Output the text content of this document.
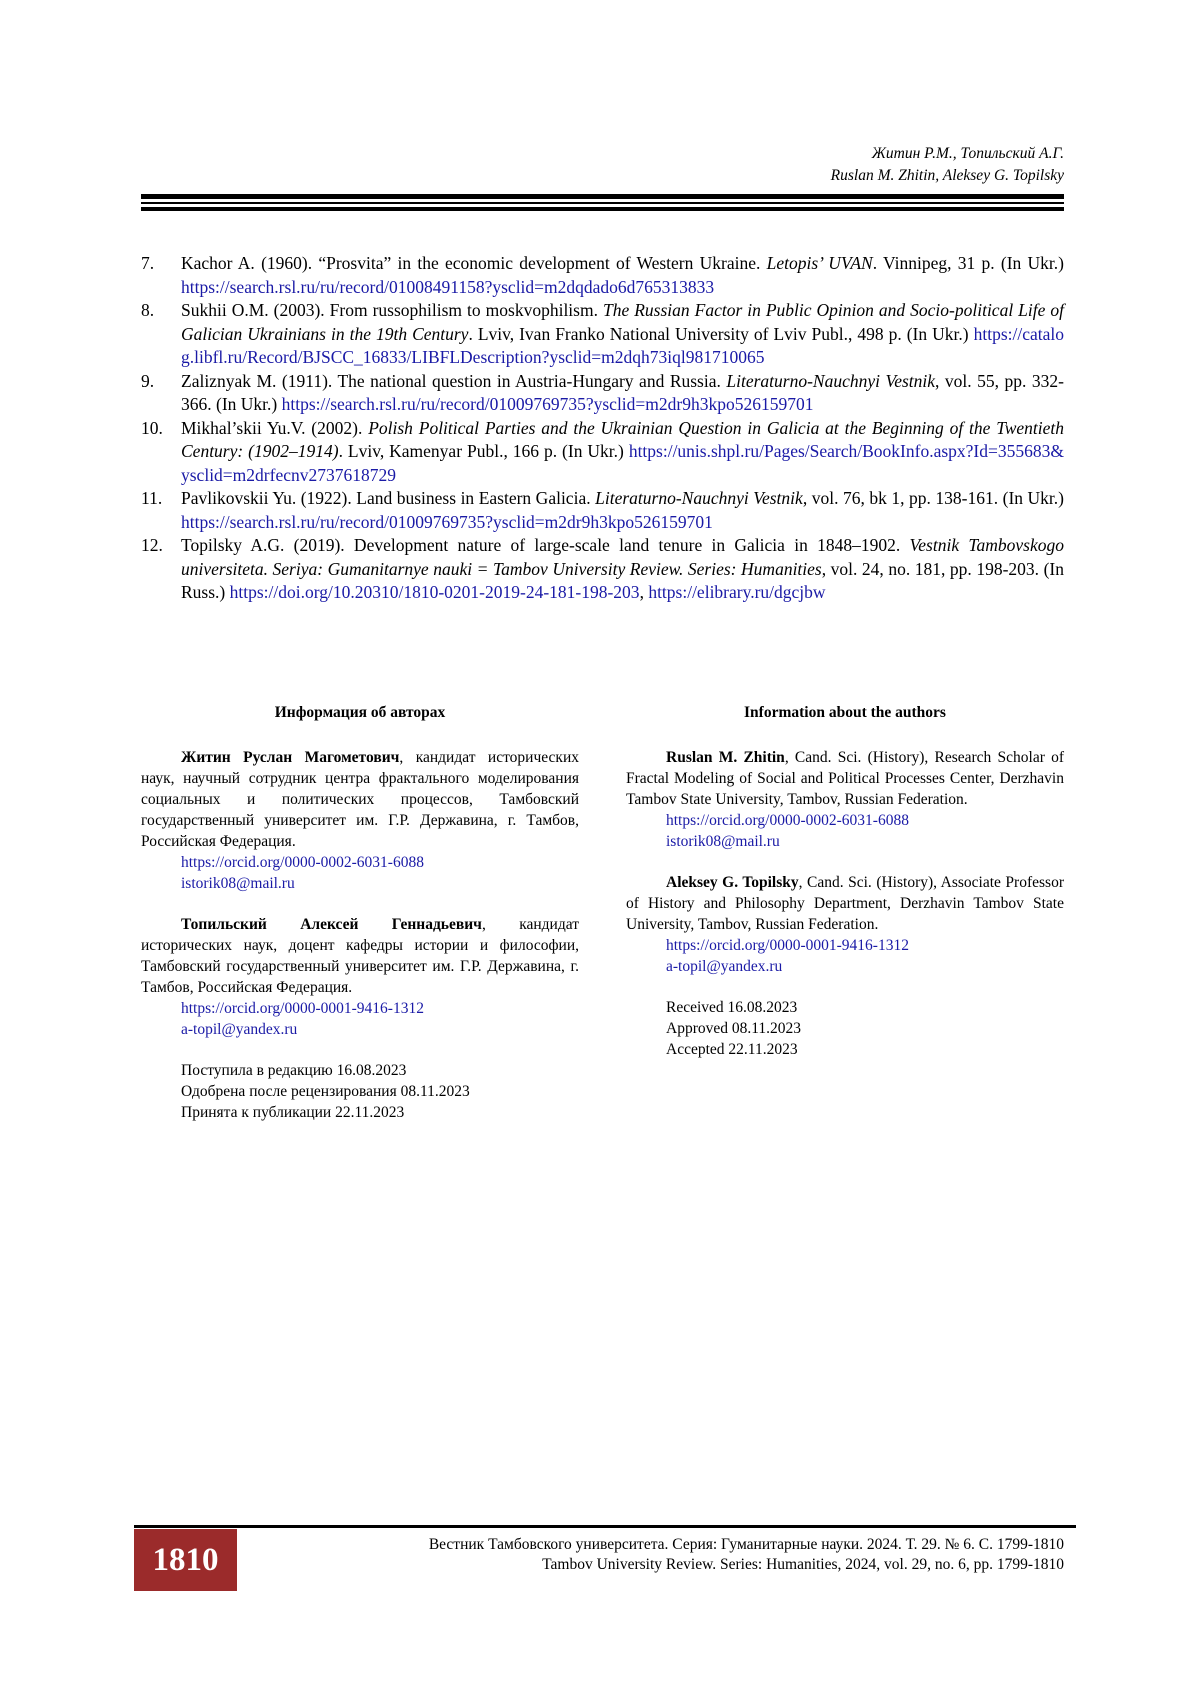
Житин Р.М., Топильский А.Г.
Ruslan M. Zhitin, Aleksey G. Topilsky
7.	Kachor A. (1960). “Prosvita” in the economic development of Western Ukraine. Letopis’ UVAN. Vinnipeg, 31 p. (In Ukr.) https://search.rsl.ru/ru/record/01008491158?ysclid=m2dqdado6d765313833
8.	Sukhii O.M. (2003). From russophilism to moskvophilism. The Russian Factor in Public Opinion and Socio-political Life of Galician Ukrainians in the 19th Century. Lviv, Ivan Franko National University of Lviv Publ., 498 p. (In Ukr.) https://catalog.libfl.ru/Record/BJSCC_16833/LIBFLDescription?ysclid=m2dqh73iql981710065
9.	Zaliznyak M. (1911). The national question in Austria-Hungary and Russia. Literaturno-Nauchnyi Vestnik, vol. 55, pp. 332-366. (In Ukr.) https://search.rsl.ru/ru/record/01009769735?ysclid=m2dr9h3kpo526159701
10.	Mikhal’skii Yu.V. (2002). Polish Political Parties and the Ukrainian Question in Galicia at the Beginning of the Twentieth Century: (1902–1914). Lviv, Kamenyar Publ., 166 p. (In Ukr.) https://unis.shpl.ru/Pages/Search/BookInfo.aspx?Id=355683&ysclid=m2drfecnv2737618729
11.	Pavlikovskii Yu. (1922). Land business in Eastern Galicia. Literaturno-Nauchnyi Vestnik, vol. 76, bk 1, pp. 138-161. (In Ukr.) https://search.rsl.ru/ru/record/01009769735?ysclid=m2dr9h3kpo526159701
12.	Topilsky A.G. (2019). Development nature of large-scale land tenure in Galicia in 1848–1902. Vestnik Tambovskogo universiteta. Seriya: Gumanitarnye nauki = Tambov University Review. Series: Humanities, vol. 24, no. 181, pp. 198-203. (In Russ.) https://doi.org/10.20310/1810-0201-2019-24-181-198-203, https://elibrary.ru/dgcjbw
Информация об авторах

Житин Руслан Магометович, кандидат исторических наук, научный сотрудник центра фрактального моделирования социальных и политических процессов, Тамбовский государственный университет им. Г.Р. Державина, г. Тамбов, Российская Федерация.

https://orcid.org/0000-0002-6031-6088
istorik08@mail.ru

Топильский Алексей Геннадьевич, кандидат исторических наук, доцент кафедры истории и философии, Тамбовский государственный университет им. Г.Р. Державина, г. Тамбов, Российская Федерация.

https://orcid.org/0000-0001-9416-1312
a-topil@yandex.ru
Поступила в редакцию 16.08.2023
Одобрена после рецензирования 08.11.2023
Принята к публикации 22.11.2023
Information about the authors

Ruslan M. Zhitin, Cand. Sci. (History), Research Scholar of Fractal Modeling of Social and Political Processes Center, Derzhavin Tambov State University, Tambov, Russian Federation.

https://orcid.org/0000-0002-6031-6088
istorik08@mail.ru

Aleksey G. Topilsky, Cand. Sci. (History), Associate Professor of History and Philosophy Department, Derzhavin Tambov State University, Tambov, Russian Federation.

https://orcid.org/0000-0001-9416-1312
a-topil@yandex.ru
Received 16.08.2023
Approved 08.11.2023
Accepted 22.11.2023
1810	Вестник Тамбовского университета. Серия: Гуманитарные науки. 2024. Т. 29. № 6. С. 1799-1810
Tambov University Review. Series: Humanities, 2024, vol. 29, no. 6, pp. 1799-1810
